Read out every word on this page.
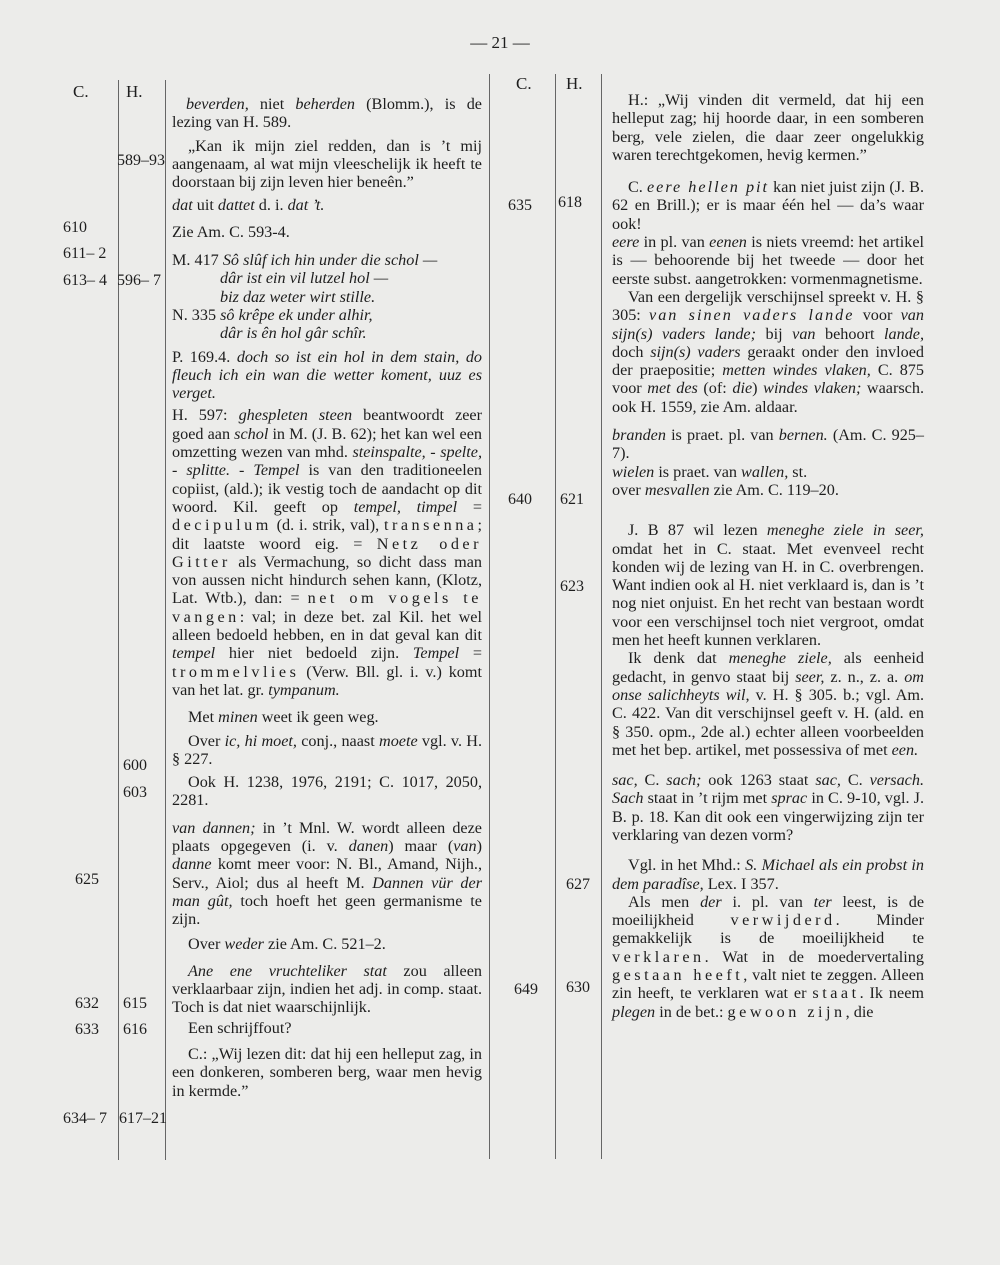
— 21 —
C. H.	C. H.
610
611– 2
613– 4
625
632
633
634– 7
589–93
596– 7
600
603
615
616
617–21
635
640
649
618
621
623
627
630

beverden, niet beherden (Blomm.), is de lezing van H. 589.

„Kan ik mijn ziel redden, dan is ’t mij aangenaam, al wat mijn vleeschelijk ik heeft te doorstaan bij zijn leven hier beneên.”

dat uit dattet d. i. dat ’t.

Zie Am. C. 593-4.

M. 417 Sô slûf ich hin under die schol —
dâr ist ein vil lutzel hol —
biz daz weter wirt stille.
N. 335 sô krêpe ek under alhir,
dâr is ên hol gâr schîr.

P. 169.4. doch so ist ein hol in dem stain, do fleuch ich ein wan die wetter koment, uuz es verget.

H. 597: ghespleten steen beantwoordt zeer goed aan schol in M. (J. B. 62); het kan wel een omzetting wezen van mhd. steinspalte, - spelte, - splitte. - Tempel is van den traditioneelen copiist, (ald.); ik vestig toch de aandacht op dit woord. Kil. geeft op tempel, timpel = decipulum (d. i. strik, val), transenna; dit laatste woord eig. = Netz oder Gitter als Vermachung, so dicht dass man von aussen nicht hindurch sehen kann, (Klotz, Lat. Wtb.), dan: = net om vogels te vangen: val; in deze bet. zal Kil. het wel alleen bedoeld hebben, en in dat geval kan dit tempel hier niet bedoeld zijn. Tempel = trommelvlies (Verw. Bll. gl. i. v.) komt van het lat. gr. tympanum.

Met minen weet ik geen weg.

Over ic, hi moet, conj., naast moete vgl. v. H. § 227.

Ook H. 1238, 1976, 2191; C. 1017, 2050, 2281.

van dannen; in ’t Mnl. W. wordt alleen deze plaats opgegeven (i. v. danen) maar (van) danne komt meer voor: N. Bl., Amand, Nijh., Serv., Aiol; dus al heeft M. Dannen vür der man gût, toch hoeft het geen germanisme te zijn.

Over weder zie Am. C. 521–2.

Ane ene vruchteliker stat zou alleen verklaarbaar zijn, indien het adj. in comp. staat. Toch is dat niet waarschijnlijk.

Een schrijffout?

C.: „Wij lezen dit: dat hij een helleput zag, in een donkeren, somberen berg, waar men hevig in kermde.”

H.: „Wij vinden dit vermeld, dat hij een helleput zag; hij hoorde daar, in een somberen berg, vele zielen, die daar zeer ongelukkig waren terechtgekomen, hevig kermen.”

C. eere hellen pit kan niet juist zijn (J. B. 62 en Brill.); er is maar één hel — da’s waar ook!

eere in pl. van eenen is niets vreemd: het artikel is — behoorende bij het tweede — door het eerste subst. aangetrokken: vormenmagnetisme.

Van een dergelijk verschijnsel spreekt v. H. § 305: van sinen vaders lande voor van sijn(s) vaders lande; bij van behoort lande, doch sijn(s) vaders geraakt onder den invloed der praepositie; metten windes vlaken, C. 875 voor met des (of: die) windes vlaken; waarsch. ook H. 1559, zie Am. aldaar.

branden is praet. pl. van bernen. (Am. C. 925–7).

wielen is praet. van wallen, st.

over mesvallen zie Am. C. 119–20.

J. B 87 wil lezen meneghe ziele in seer, omdat het in C. staat. Met evenveel recht konden wij de lezing van H. in C. overbrengen. Want indien ook al H. niet verklaard is, dan is ’t nog niet onjuist. En het recht van bestaan wordt voor een verschijnsel toch niet vergroot, omdat men het heeft kunnen verklaren.

Ik denk dat meneghe ziele, als eenheid gedacht, in genvo staat bij seer, z. n., z. a. om onse salichheyts wil, v. H. § 305. b.; vgl. Am. C. 422. Van dit verschijnsel geeft v. H. (ald. en § 350. opm., 2de al.) echter alleen voorbeelden met het bep. artikel, met possessiva of met een.

sac, C. sach; ook 1263 staat sac, C. versach. Sach staat in ’t rijm met sprac in C. 9-10, vgl. J. B. p. 18. Kan dit ook een vingerwijzing zijn ter verklaring van dezen vorm?

Vgl. in het Mhd.: S. Michael als ein probst in dem paradîse, Lex. I 357.

Als men der i. pl. van ter leest, is de moeilijkheid verwijderd. Minder gemakkelijk is de moeilijkheid te verklaren. Wat in de moedervertaling gestaan heeft, valt niet te zeggen. Alleen zin heeft, te verklaren wat er staat. Ik neem plegen in de bet.: gewoon zijn, die
